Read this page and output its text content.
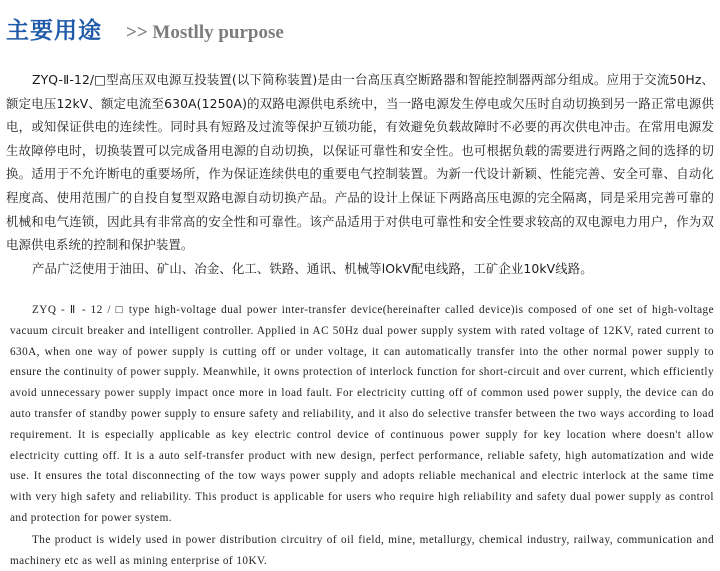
主要用途 >> Mostlly purpose

ZYQ-Ⅱ-12/□型高压双电源互投装置(以下简称装置)是由一台高压真空断路器和智能控制器两部分组成。应用于交流50Hz、额定电压12kV、额定电流至630A(1250A)的双路电源供电系统中，当一路电源发生停电或欠压时自动切换到另一路正常电源供电，或知保证供电的连续性。同时具有短路及过流等保护互锁功能，有效避免负载故障时不必要的再次供电冲击。在常用电源发生故障停电时，切换装置可以完成备用电源的自动切换，以保证可靠性和安全性。也可根据负载的需要进行两路之间的选择的切换。适用于不允许断电的重要场所，作为保证连续供电的重要电气控制装置。为新一代设计新颖、性能完善、安全可靠、自动化程度高、使用范围广的自投自复型双路电源自动切换产品。产品的设计上保证下两路高压电源的完全隔离，同是采用完善可靠的机械和电气连锁，因此具有非常高的安全性和可靠性。该产品适用于对供电可靠性和安全性要求较高的双电源电力用户，作为双电源供电系统的控制和保护装置。

产品广泛使用于油田、矿山、冶金、化工、铁路、通讯、机械等lOkV配电线路，工矿企业10kV线路。

ZYQ - Ⅱ - 12 / □ type high-voltage dual power inter-transfer device(hereinafter called device)is composed of one set of high-voltage vacuum circuit breaker and intelligent controller. Applied in AC 50Hz dual power supply system with rated voltage of 12KV, rated current to 630A, when one way of power supply is cutting off or under voltage, it can automatically transfer into the other normal power supply to ensure the continuity of power supply. Meanwhile, it owns protection of interlock function for short-circuit and over current, which efficiently avoid unnecessary power supply impact once more in load fault. For electricity cutting off of common used power supply, the device can do auto transfer of standby power supply to ensure safety and reliability, and it also do selective transfer between the two ways according to load requirement. It is especially applicable as key electric control device of continuous power supply for key location where doesn't allow electricity cutting off. It is a auto self-transfer product with new design, perfect performance, reliable safety, high automatization and wide use. It ensures the total disconnecting of the tow ways power supply and adopts reliable mechanical and electric interlock at the same time with very high safety and reliability. This product is applicable for users who require high reliability and safety dual power supply as control and protection for power system.

The product is widely used in power distribution circuitry of oil field, mine, metallurgy, chemical industry, railway, communication and machinery etc as well as mining enterprise of 10KV.
